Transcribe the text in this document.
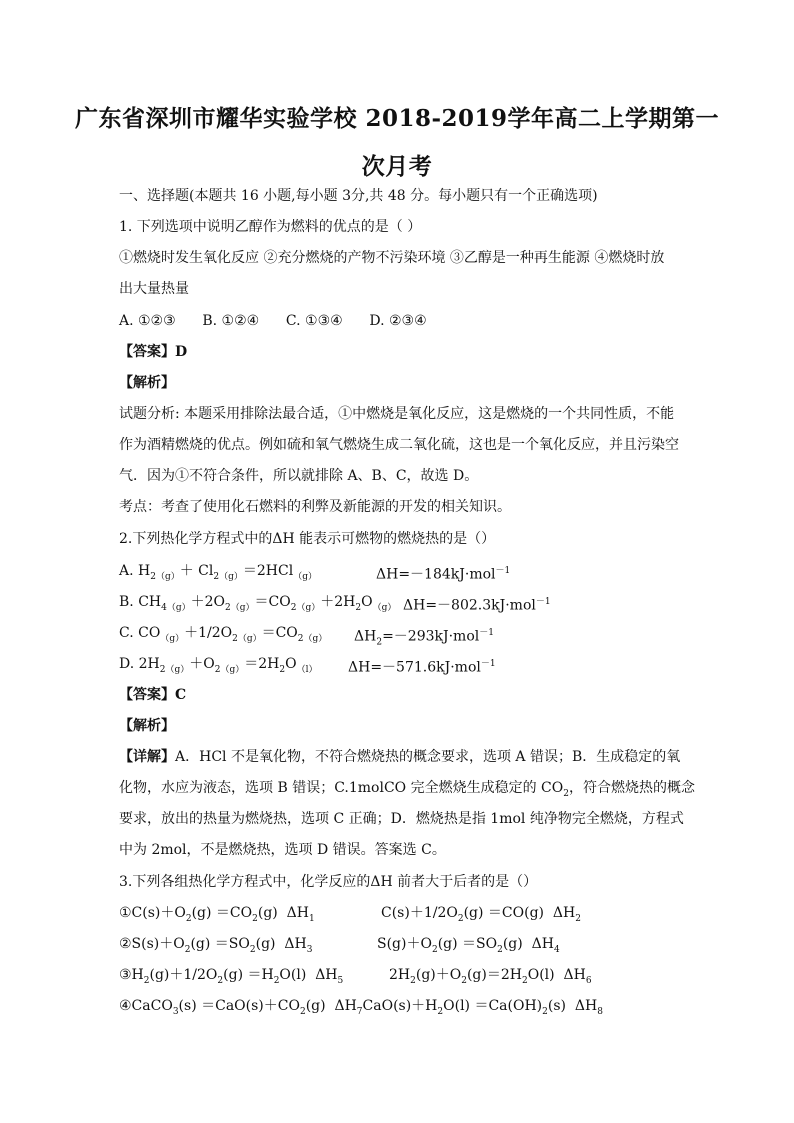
广东省深圳市耀华实验学校 2018-2019学年高二上学期第一
次月考
一、选择题(本题共 16 小题,每小题 3分,共 48 分。每小题只有一个正确选项)
1. 下列选项中说明乙醇作为燃料的优点的是（ ）
①燃烧时发生氧化反应 ②充分燃烧的产物不污染环境 ③乙醇是一种再生能源 ④燃烧时放
出大量热量
A. ①②③      B. ①②④      C. ①③④      D. ②③④
【答案】D
【解析】
试题分析: 本题采用排除法最合适，①中燃烧是氧化反应，这是燃烧的一个共同性质，不能
作为酒精燃烧的优点。例如硫和氧气燃烧生成二氧化硫，这也是一个氧化反应，并且污染空
气．因为①不符合条件，所以就排除 A、B、C，故选 D。
考点：考查了使用化石燃料的利弊及新能源的开发的相关知识。
2.下列热化学方程式中的ΔH 能表示可燃物的燃烧热的是（）
A. $H_{2(g)}+ Cl_{2(g)}=2HCl_{(g)}$	ΔH=－184kJ·mol$^{-1}$
B. $CH_{4(g)}+2O_{2(g)}=CO_{2(g)}+2H_2O_{(g)}$ ΔH=－802.3kJ·mol$^{-1}$
C. $CO_{(g)}+1/2O_{2(g)}=CO_{2(g)}$ $\Delta H_2=-293kJ\cdot mol^{-1}$
D. $2H_{2(g)}+O_{2(g)}=2H_2O_{(l)}$ ΔH=－571.6kJ·mol$^{-1}$
【答案】C
【解析】
【详解】A．HCl 不是氧化物，不符合燃烧热的概念要求，选项 A 错误；B．生成稳定的氧
化物，水应为液态，选项 B 错误；C.1molCO 完全燃烧生成稳定的 $CO_2$，符合燃烧热的概念
要求，放出的热量为燃烧热，选项 C 正确；D．燃烧热是指 1mol 纯净物完全燃烧，方程式
中为 2mol，不是燃烧热，选项 D 错误。答案选 C。
3.下列各组热化学方程式中，化学反应的ΔH 前者大于后者的是（）
$①C(s)+O_2(g) =CO_2(g)$  $\Delta H_1$	$C(s)+1/2O_2(g) =CO(g)$  $\Delta H_2$
$②S(s)+O_2(g) =SO_2(g)$  $\Delta H_3$	$S(g)+O_2(g) =SO_2(g)$  $\Delta H_4$
$③H_2(g)+1/2O_2(g) =H_2O(l)$  $\Delta H_5$	$2H_2(g)+O_2(g)=2H_2O(l)$  $\Delta H_6$
④CaCO$_3$(s) $=CaO(s)+CO_2(g)$  $\Delta H_7CaO(s)+H_2O(l) =Ca(OH)_2(s)$  $\Delta H_8$
